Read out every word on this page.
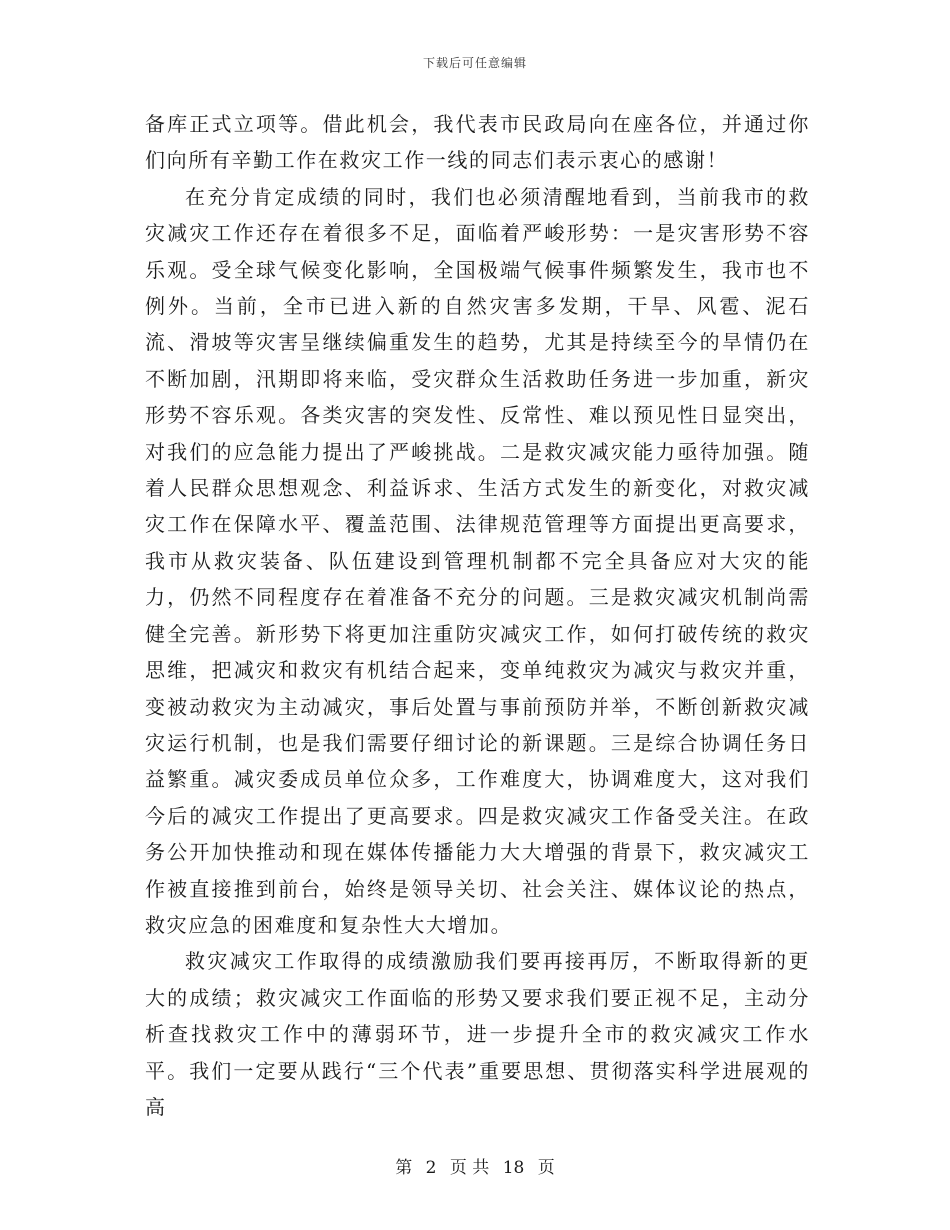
下载后可任意编辑

备库正式立项等。借此机会，我代表市民政局向在座各位，并通过你们向所有辛勤工作在救灾工作一线的同志们表示衷心的感谢！

在充分肯定成绩的同时，我们也必须清醒地看到，当前我市的救灾减灾工作还存在着很多不足，面临着严峻形势：一是灾害形势不容乐观。受全球气候变化影响，全国极端气候事件频繁发生，我市也不例外。当前，全市已进入新的自然灾害多发期，干旱、风雹、泥石流、滑坡等灾害呈继续偏重发生的趋势，尤其是持续至今的旱情仍在不断加剧，汛期即将来临，受灾群众生活救助任务进一步加重，新灾形势不容乐观。各类灾害的突发性、反常性、难以预见性日显突出，对我们的应急能力提出了严峻挑战。二是救灾减灾能力亟待加强。随着人民群众思想观念、利益诉求、生活方式发生的新变化，对救灾减灾工作在保障水平、覆盖范围、法律规范管理等方面提出更高要求，我市从救灾装备、队伍建设到管理机制都不完全具备应对大灾的能力，仍然不同程度存在着准备不充分的问题。三是救灾减灾机制尚需健全完善。新形势下将更加注重防灾减灾工作，如何打破传统的救灾思维，把减灾和救灾有机结合起来，变单纯救灾为减灾与救灾并重，变被动救灾为主动减灾，事后处置与事前预防并举，不断创新救灾减灾运行机制，也是我们需要仔细讨论的新课题。三是综合协调任务日益繁重。减灾委成员单位众多，工作难度大，协调难度大，这对我们今后的减灾工作提出了更高要求。四是救灾减灾工作备受关注。在政务公开加快推动和现在媒体传播能力大大增强的背景下，救灾减灾工作被直接推到前台，始终是领导关切、社会关注、媒体议论的热点，救灾应急的困难度和复杂性大大增加。

救灾减灾工作取得的成绩激励我们要再接再厉，不断取得新的更大的成绩；救灾减灾工作面临的形势又要求我们要正视不足，主动分析查找救灾工作中的薄弱环节，进一步提升全市的救灾减灾工作水平。我们一定要从践行“三个代表”重要思想、贯彻落实科学进展观的高

第 2 页 共 18 页
